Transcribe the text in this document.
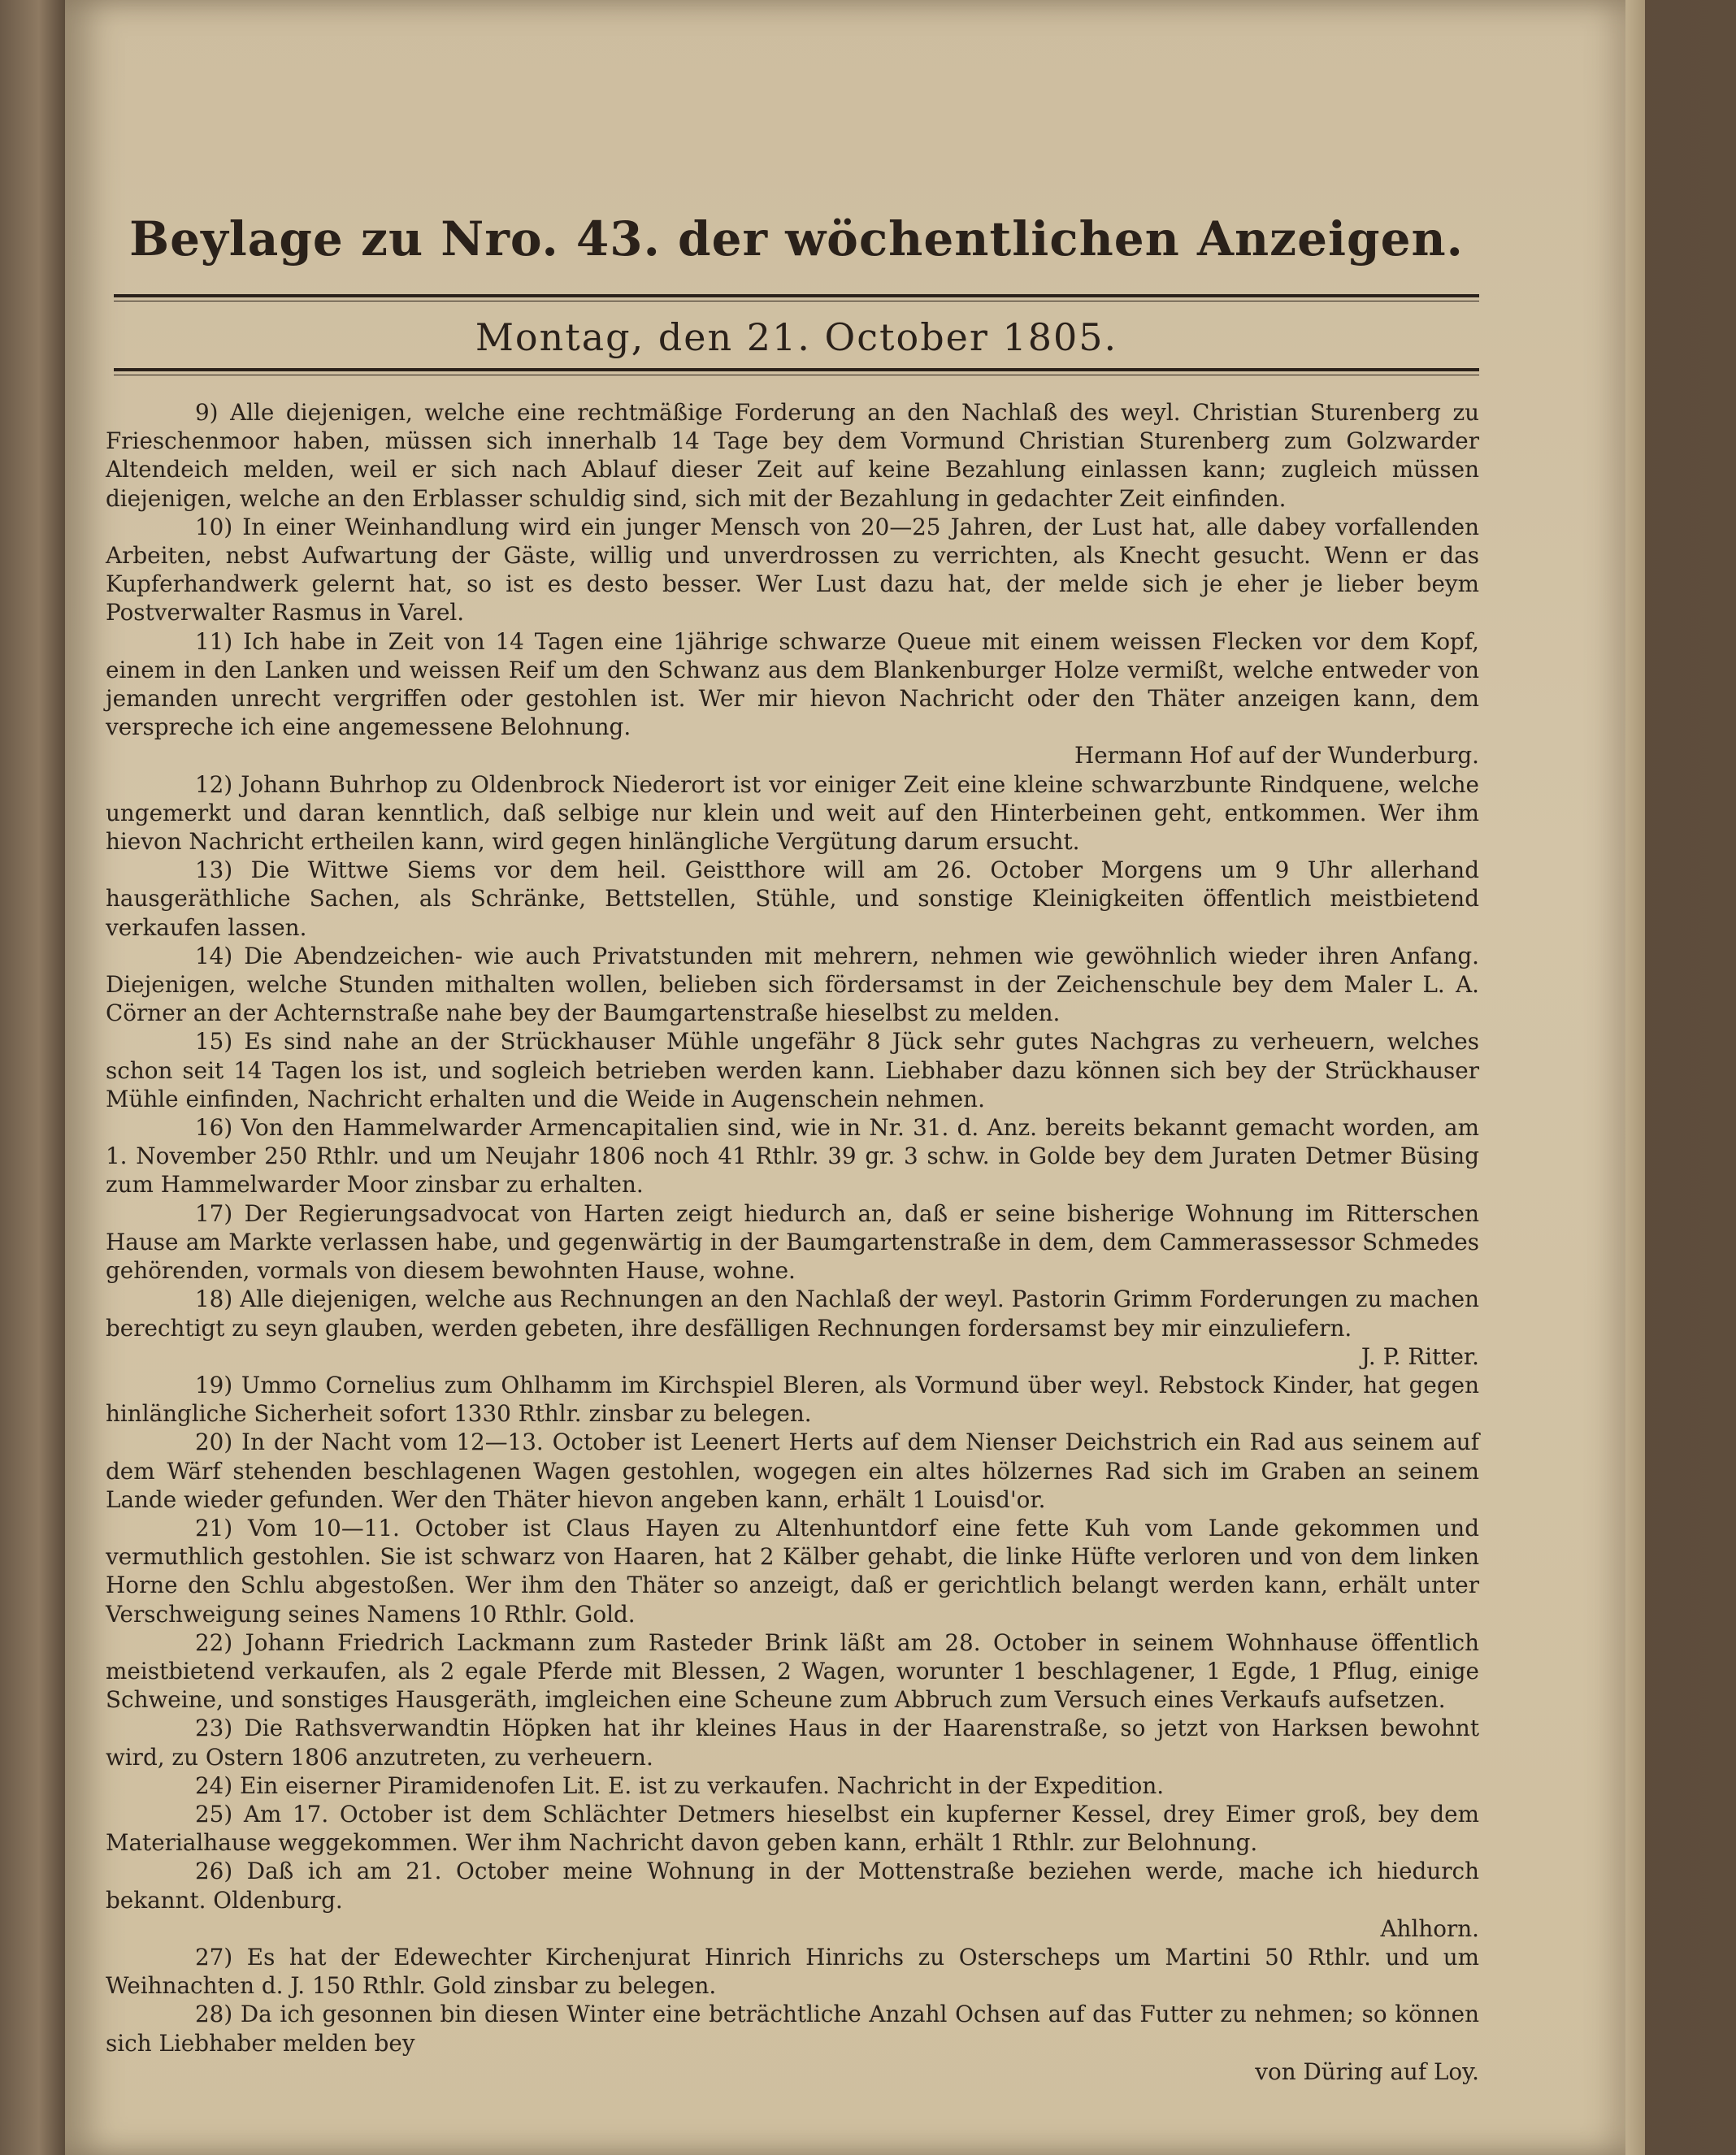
Beylage zu Nro. 43. der wöchentlichen Anzeigen.
Montag, den 21. October 1805.

9) Alle diejenigen, welche eine rechtmäßige Forderung an den Nachlaß des weyl. Christian Sturenberg zu Frieschenmoor haben, müssen sich innerhalb 14 Tage bey dem Vormund Christian Sturenberg zum Golzwarder Altendeich melden, weil er sich nach Ablauf dieser Zeit auf keine Bezahlung einlassen kann; zugleich müssen diejenigen, welche an den Erblasser schuldig sind, sich mit der Bezahlung in gedachter Zeit einfinden.

10) In einer Weinhandlung wird ein junger Mensch von 20—25 Jahren, der Lust hat, alle dabey vorfallenden Arbeiten, nebst Aufwartung der Gäste, willig und unverdrossen zu verrichten, als Knecht gesucht. Wenn er das Kupferhandwerk gelernt hat, so ist es desto besser. Wer Lust dazu hat, der melde sich je eher je lieber beym Postverwalter Rasmus in Varel.

11) Ich habe in Zeit von 14 Tagen eine 1jährige schwarze Queue mit einem weissen Flecken vor dem Kopf, einem in den Lanken und weissen Reif um den Schwanz aus dem Blankenburger Holze vermißt, welche entweder von jemanden unrecht vergriffen oder gestohlen ist. Wer mir hievon Nachricht oder den Thäter anzeigen kann, dem verspreche ich eine angemessene Belohnung.

Hermann Hof auf der Wunderburg.

12) Johann Buhrhop zu Oldenbrock Niederort ist vor einiger Zeit eine kleine schwarzbunte Rindquene, welche ungemerkt und daran kenntlich, daß selbige nur klein und weit auf den Hinterbeinen geht, entkommen. Wer ihm hievon Nachricht ertheilen kann, wird gegen hinlängliche Vergütung darum ersucht.

13) Die Wittwe Siems vor dem heil. Geistthore will am 26. October Morgens um 9 Uhr allerhand hausgeräthliche Sachen, als Schränke, Bettstellen, Stühle, und sonstige Kleinigkeiten öffentlich meistbietend verkaufen lassen.

14) Die Abendzeichen- wie auch Privatstunden mit mehrern, nehmen wie gewöhnlich wieder ihren Anfang. Diejenigen, welche Stunden mithalten wollen, belieben sich fördersamst in der Zeichenschule bey dem Maler L. A. Cörner an der Achternstraße nahe bey der Baumgartenstraße hieselbst zu melden.

15) Es sind nahe an der Strückhauser Mühle ungefähr 8 Jück sehr gutes Nachgras zu verheuern, welches schon seit 14 Tagen los ist, und sogleich betrieben werden kann. Liebhaber dazu können sich bey der Strückhauser Mühle einfinden, Nachricht erhalten und die Weide in Augenschein nehmen.

16) Von den Hammelwarder Armencapitalien sind, wie in Nr. 31. d. Anz. bereits bekannt gemacht worden, am 1. November 250 Rthlr. und um Neujahr 1806 noch 41 Rthlr. 39 gr. 3 schw. in Golde bey dem Juraten Detmer Büsing zum Hammelwarder Moor zinsbar zu erhalten.

17) Der Regierungsadvocat von Harten zeigt hiedurch an, daß er seine bisherige Wohnung im Ritterschen Hause am Markte verlassen habe, und gegenwärtig in der Baumgartenstraße in dem, dem Cammerassessor Schmedes gehörenden, vormals von diesem bewohnten Hause, wohne.

18) Alle diejenigen, welche aus Rechnungen an den Nachlaß der weyl. Pastorin Grimm Forderungen zu machen berechtigt zu seyn glauben, werden gebeten, ihre desfälligen Rechnungen fordersamst bey mir einzuliefern.

J. P. Ritter.

19) Ummo Cornelius zum Ohlhamm im Kirchspiel Bleren, als Vormund über weyl. Rebstock Kinder, hat gegen hinlängliche Sicherheit sofort 1330 Rthlr. zinsbar zu belegen.

20) In der Nacht vom 12—13. October ist Leenert Herts auf dem Nienser Deichstrich ein Rad aus seinem auf dem Wärf stehenden beschlagenen Wagen gestohlen, wogegen ein altes hölzernes Rad sich im Graben an seinem Lande wieder gefunden. Wer den Thäter hievon angeben kann, erhält 1 Louisd'or.

21) Vom 10—11. October ist Claus Hayen zu Altenhuntdorf eine fette Kuh vom Lande gekommen und vermuthlich gestohlen. Sie ist schwarz von Haaren, hat 2 Kälber gehabt, die linke Hüfte verloren und von dem linken Horne den Schlu abgestoßen. Wer ihm den Thäter so anzeigt, daß er gerichtlich belangt werden kann, erhält unter Verschweigung seines Namens 10 Rthlr. Gold.

22) Johann Friedrich Lackmann zum Rasteder Brink läßt am 28. October in seinem Wohnhause öffentlich meistbietend verkaufen, als 2 egale Pferde mit Blessen, 2 Wagen, worunter 1 beschlagener, 1 Egde, 1 Pflug, einige Schweine, und sonstiges Hausgeräth, imgleichen eine Scheune zum Abbruch zum Versuch eines Verkaufs aufsetzen.

23) Die Rathsverwandtin Höpken hat ihr kleines Haus in der Haarenstraße, so jetzt von Harksen bewohnt wird, zu Ostern 1806 anzutreten, zu verheuern.

24) Ein eiserner Piramidenofen Lit. E. ist zu verkaufen. Nachricht in der Expedition.

25) Am 17. October ist dem Schlächter Detmers hieselbst ein kupferner Kessel, drey Eimer groß, bey dem Materialhause weggekommen. Wer ihm Nachricht davon geben kann, erhält 1 Rthlr. zur Belohnung.

26) Daß ich am 21. October meine Wohnung in der Mottenstraße beziehen werde, mache ich hiedurch bekannt. Oldenburg.

Ahlhorn.

27) Es hat der Edewechter Kirchenjurat Hinrich Hinrichs zu Osterscheps um Martini 50 Rthlr. und um Weihnachten d. J. 150 Rthlr. Gold zinsbar zu belegen.

28) Da ich gesonnen bin diesen Winter eine beträchtliche Anzahl Ochsen auf das Futter zu nehmen; so können sich Liebhaber melden bey

von Düring auf Loy.
